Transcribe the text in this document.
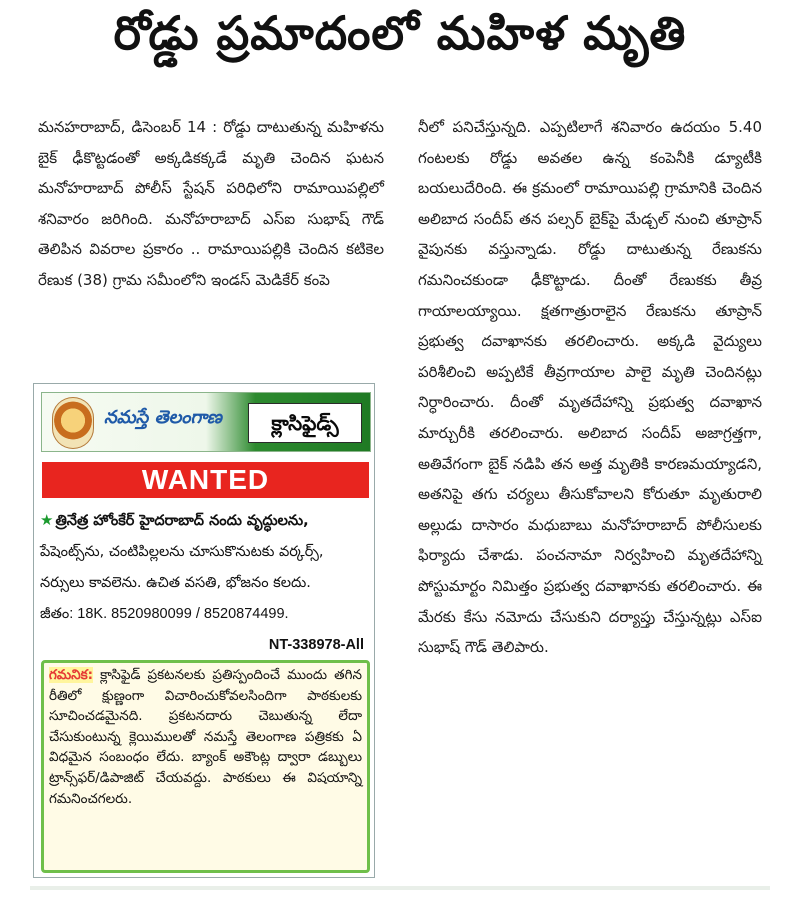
రోడ్డు ప్రమాదంలో మహిళ మృతి

మనహరాబాద్, డిసెంబర్ 14 : రోడ్డు దాటుతున్న మహిళను బైక్ ఢీకొట్టడంతో అక్కడికక్కడే మృతి చెందిన ఘటన మనోహరాబాద్ పోలీస్ స్టేషన్ పరిధిలోని రామాయిపల్లిలో శనివారం జరిగింది. మనోహరాబాద్ ఎస్ఐ సుభాష్ గౌడ్ తెలిపిన వివరాల ప్రకారం .. రామాయిపల్లికి చెందిన కటికెల రేణుక (38) గ్రామ సమీంలోని ఇండస్ మెడికేర్ కంపె

నమస్తే తెలంగాణ	క్లాసిఫైడ్స్
WANTED
★ త్రినేత్ర హోంకేర్ హైదరాబాద్ నందు వృద్ధులను,
పేషెంట్స్‌ను, చంటిపిల్లలను చూసుకొనుటకు వర్కర్స్,
నర్సులు కావలెను. ఉచిత వసతి, భోజనం కలదు.
జీతం: 18K. 8520980099 / 8520874499.
NT-338978-All
గమనిక: క్లాసిఫైడ్ ప్రకటనలకు ప్రతిస్పందించే ముందు తగిన రీతిలో క్షుణ్ణంగా విచారించుకోవలసిందిగా పాఠకులకు సూచించడమైనది. ప్రకటనదారు చెబుతున్న లేదా చేసుకుంటున్న క్లెయిములతో నమస్తే తెలంగాణ పత్రికకు ఏ విధమైన సంబంధం లేదు. బ్యాంక్ అకౌంట్ల ద్వారా డబ్బులు ట్రాన్స్‌ఫర్/డిపాజిట్ చేయవద్దు. పాఠకులు ఈ విషయాన్ని గమనించగలరు.

నీలో పనిచేస్తున్నది. ఎప్పటిలాగే శనివారం ఉదయం 5.40 గంటలకు రోడ్డు అవతల ఉన్న కంపెనీకి డ్యూటీకి బయలుదేరింది. ఈ క్రమంలో రామాయిపల్లి గ్రామానికి చెందిన అలిబాద సందీప్ తన పల్సర్ బైక్‌పై మేడ్చల్ నుంచి తూప్రాన్ వైపునకు వస్తున్నాడు. రోడ్డు దాటుతున్న రేణుకను గమనించకుండా ఢీకొట్టాడు. దీంతో రేణుకకు తీవ్ర గాయాలయ్యాయి. క్షతగాత్రురాలైన రేణుకను తూప్రాన్ ప్రభుత్వ దవాఖానకు తరలించారు. అక్కడి వైద్యులు పరిశీలించి అప్పటికే తీవ్రగాయాల పాలై మృతి చెందినట్లు నిర్ధారించారు. దీంతో మృతదేహాన్ని ప్రభుత్వ దవాఖాన మార్చురీకి తరలించారు. అలిబాద సందీప్ అజాగ్రత్తగా, అతివేగంగా బైక్ నడిపి తన అత్త మృతికి కారణమయ్యాడని, అతనిపై తగు చర్యలు తీసుకోవాలని కోరుతూ మృతురాలి అల్లుడు దాసారం మధుబాబు మనోహరాబాద్ పోలీసులకు ఫిర్యాదు చేశాడు. పంచనామా నిర్వహించి మృతదేహాన్ని పోస్టుమార్టం నిమిత్తం ప్రభుత్వ దవాఖానకు తరలించారు. ఈ మేరకు కేసు నమోదు చేసుకుని దర్యాప్తు చేస్తున్నట్లు ఎస్ఐ సుభాష్ గౌడ్ తెలిపారు.
